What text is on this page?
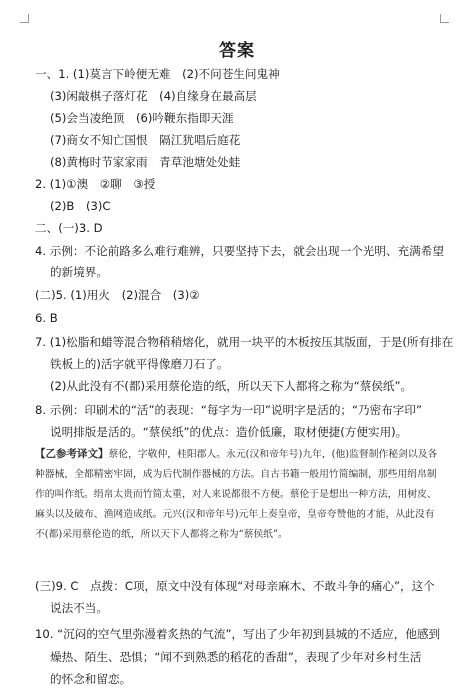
答案
一、1. (1)莫言下岭便无难　(2)不问苍生问鬼神
(3)闲敲棋子落灯花　(4)自缘身在最高层
(5)会当凌绝顶　(6)吟鞭东指即天涯
(7)商女不知亡国恨　隔江犹唱后庭花
(8)黄梅时节家家雨　青草池塘处处蛙
2. (1)①澳　②聊　③授
(2)B　(3)C
二、(一)3. D
4. 示例：不论前路多么难行难辨，只要坚持下去，就会出现一个光明、充满希望
的新境界。
(二)5. (1)用火　(2)混合　(3)②
6. B
7. (1)松脂和蜡等混合物稍稍熔化，就用一块平的木板按压其版面，于是(所有排在
铁板上的)活字就平得像磨刀石了。
(2)从此没有不(都)采用蔡伦造的纸，所以天下人都将之称为“蔡侯纸”。
8. 示例：印刷术的“活”的表现：“每字为一印”说明字是活的；“乃密布字印”
说明排版是活的。“蔡侯纸”的优点：造价低廉，取材便捷(方便实用)。
【乙参考译文】蔡伦，字敬仲，桂阳郡人。永元(汉和帝年号)九年，(他)监督制作秘剑以及各种器械，全都精密牢固，成为后代制作器械的方法。自古书籍一般用竹简编制，那些用绢帛制作的叫作纸。绢帛太贵而竹简太重，对人来说都很不方便。蔡伦于是想出一种方法，用树皮、麻头以及破布、渔网造成纸。元兴(汉和帝年号)元年上奏皇帝，皇帝夸赞他的才能，从此没有不(都)采用蔡伦造的纸，所以天下人都将之称为“蔡侯纸”。
(三)9. C　点拨：C项，原文中没有体现“对母亲麻木、不敢斗争的痛心”，这个
说法不当。
10. “沉闷的空气里弥漫着炙热的气流”，写出了少年初到县城的不适应，他感到
燥热、陌生、恐惧；“闻不到熟悉的稻花的香甜”，表现了少年对乡村生活
的怀念和留恋。
